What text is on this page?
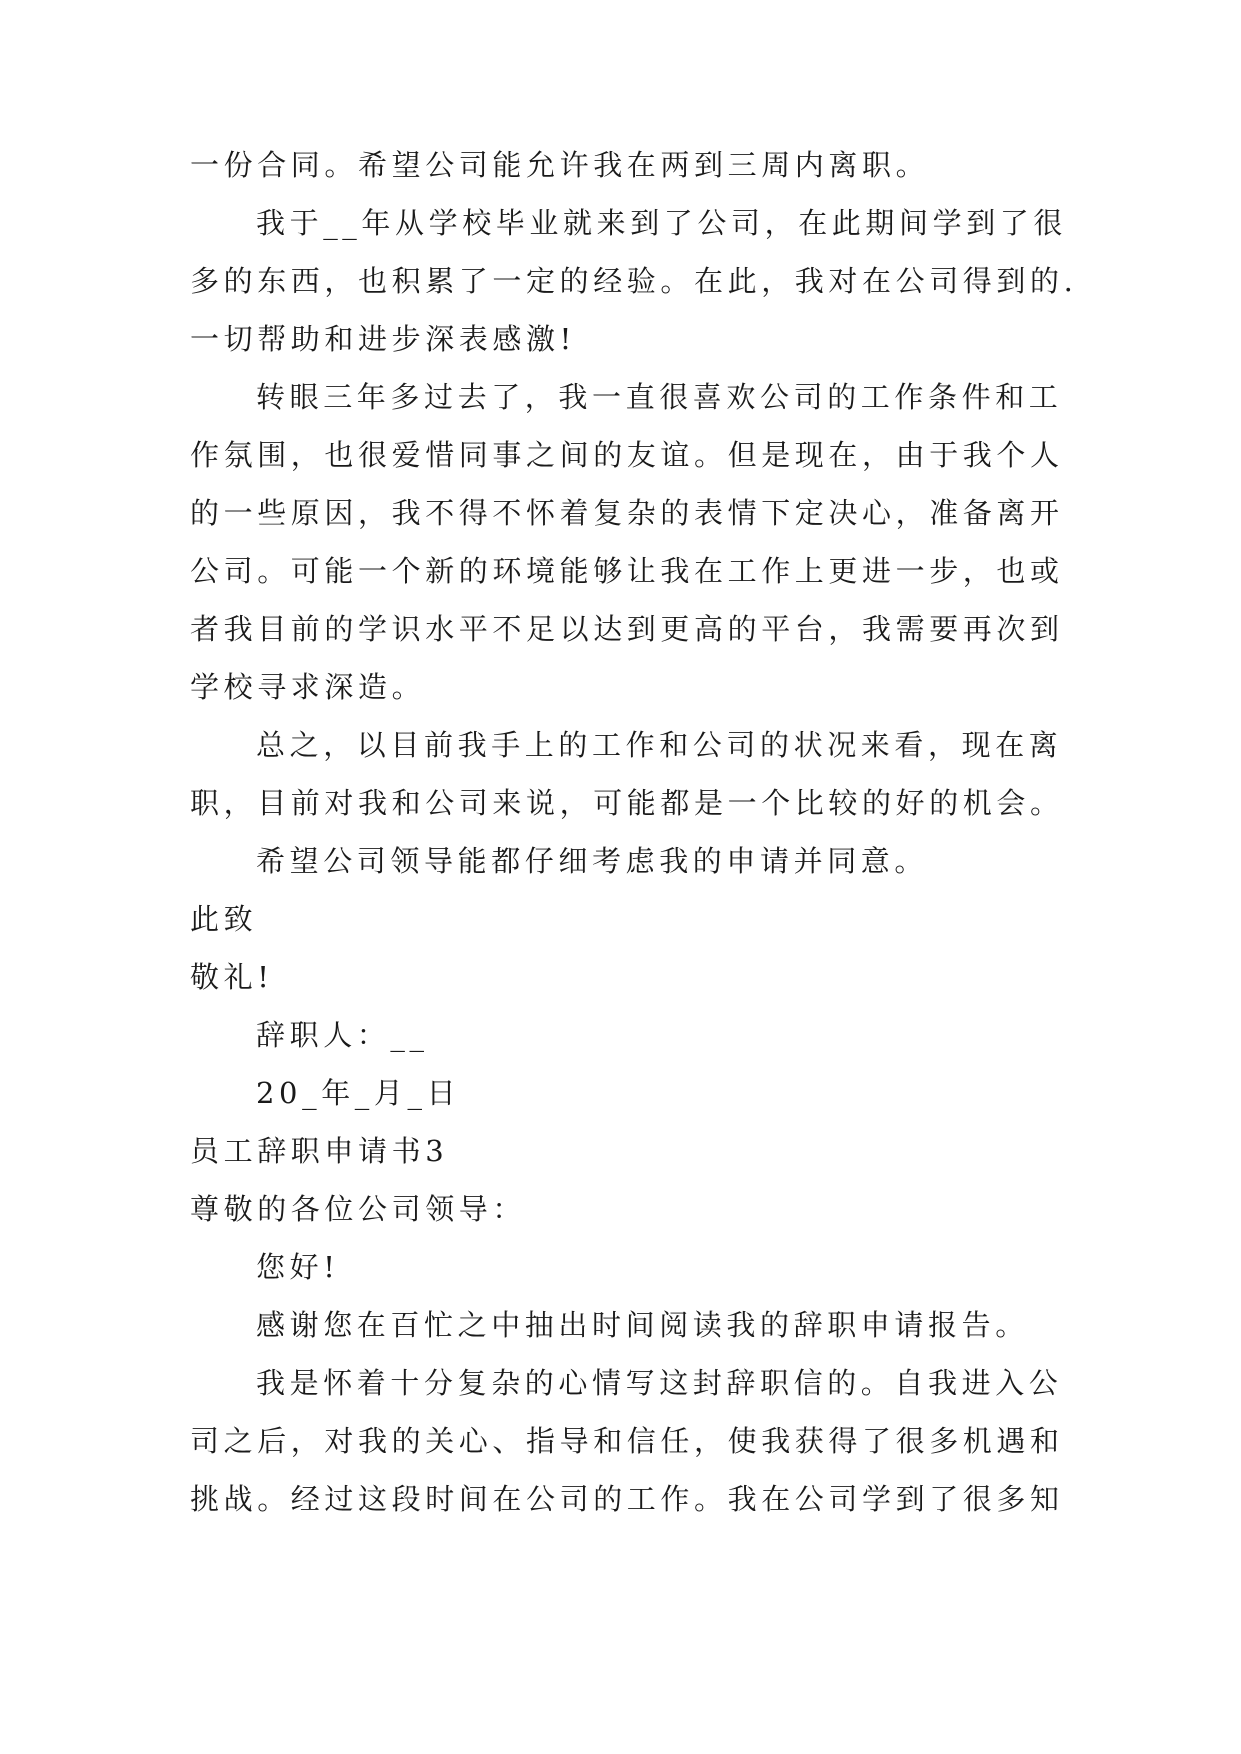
一份合同。希望公司能允许我在两到三周内离职。
我于__年从学校毕业就来到了公司，在此期间学到了很
多的东西，也积累了一定的经验。在此，我对在公司得到的.
一切帮助和进步深表感激!
转眼三年多过去了，我一直很喜欢公司的工作条件和工
作氛围，也很爱惜同事之间的友谊。但是现在，由于我个人
的一些原因，我不得不怀着复杂的表情下定决心，准备离开
公司。可能一个新的环境能够让我在工作上更进一步，也或
者我目前的学识水平不足以达到更高的平台，我需要再次到
学校寻求深造。
总之，以目前我手上的工作和公司的状况来看，现在离
职，目前对我和公司来说，可能都是一个比较的好的机会。
希望公司领导能都仔细考虑我的申请并同意。
此致
敬礼!
辞职人：__
20_年_月_日
员工辞职申请书3
尊敬的各位公司领导：
您好!
感谢您在百忙之中抽出时间阅读我的辞职申请报告。
我是怀着十分复杂的心情写这封辞职信的。自我进入公
司之后，对我的关心、指导和信任，使我获得了很多机遇和
挑战。经过这段时间在公司的工作。我在公司学到了很多知
